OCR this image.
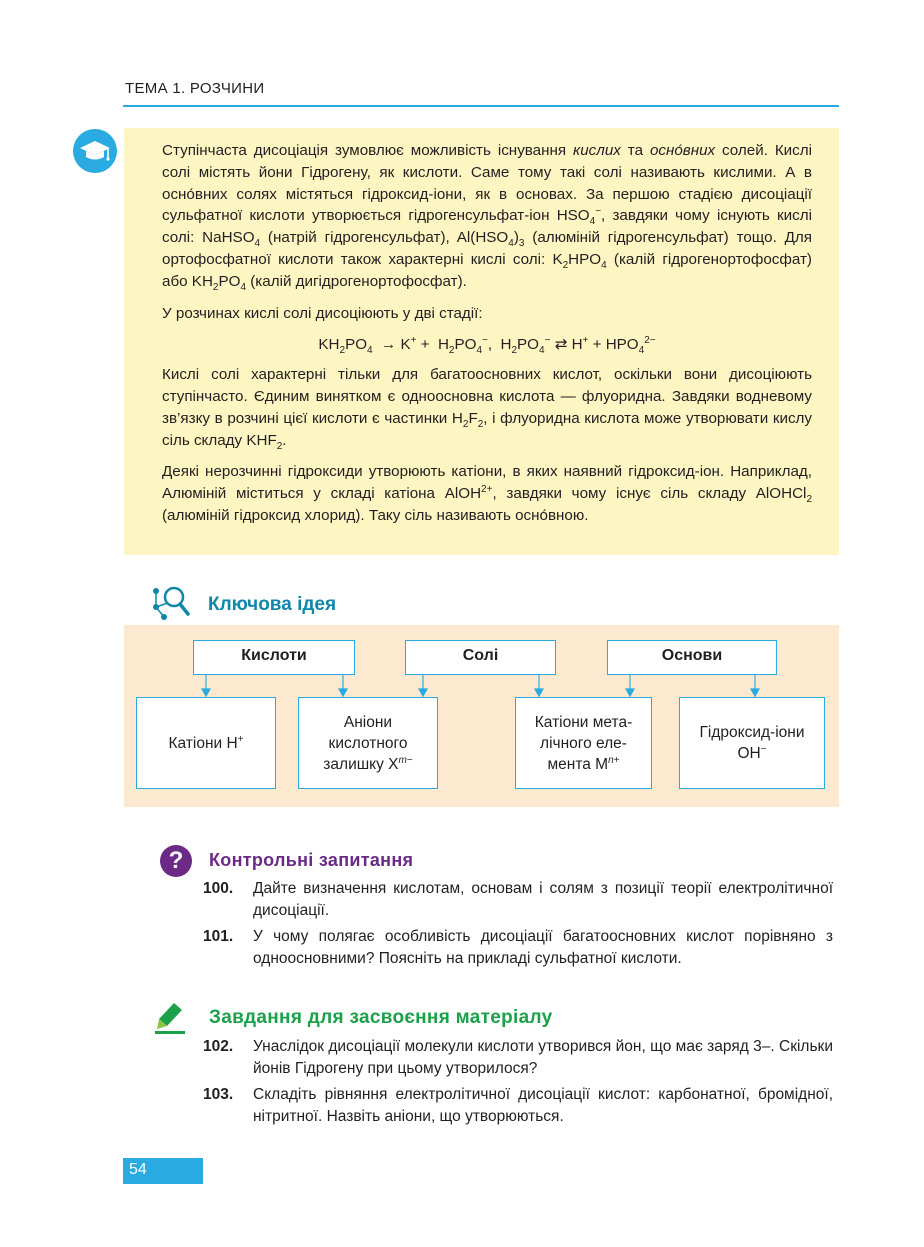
ТЕМА 1. РОЗЧИНИ

Ступінчаста дисоціація зумовлює можливість існування кислих та осно́вних солей. Кислі солі містять йони Гідрогену, як кислоти. Саме тому такі солі називають кислими. А в осно́вних солях містяться гідроксид-іони, як в основах. За першою стадією дисоціації сульфатної кислоти утворюється гідрогенсульфат-іон $HSO_4^-$, завдяки чому існують кислі солі: NaHSO$_4$ (натрій гідрогенсульфат), $Al(HSO_4)_3$ (алюміній гідрогенсульфат) тощо. Для ортофосфатної кислоти також характерні кислі солі: $K_2HPO_4$ (калій гідрогенортофосфат) або $KH_2PO_4$ (калій дигідрогенортофосфат).

У розчинах кислі солі дисоціюють у дві стадії:

$KH_2PO_4 \to K^+ + H_2PO_4^-$,  $H_2PO_4^-$ ⇄ $H^+ + HPO_4^{2-}$

Кислі солі характерні тільки для багатоосновних кислот, оскільки вони дисоціюють ступінчасто. Єдиним винятком є одноосновна кислота — флуоридна. Завдяки водневому зв’язку в розчині цієї кислоти є частинки $H_2F_2$, і флуоридна кислота може утворювати кислу сіль складу $KHF_2$.

Деякі нерозчинні гідроксиди утворюють катіони, в яких наявний гідроксид-іон. Наприклад, Алюміній міститься у складі катіона AlOH$^{2+}$, завдяки чому існує сіль складу AlOHCl$_2$ (алюміній гідроксид хлорид). Таку сіль називають осно́вною.

Ключова ідея
Кислоти	Солі	Основи
Катіони H+
Аніони
кислотного
залишку $X^{m-}$
Катіони мета-
лічного еле-
мента $M^{n+}$
Гідроксид-іони
OH−
?	Контрольні запитання
100. Дайте визначення кислотам, основам і солям з позиції теорії електролітичної дисоціації.
101. У чому полягає особливість дисоціації багатоосновних кислот порівняно з одноосновними? Поясніть на прикладі сульфатної кислоти.
Завдання для засвоєння матеріалу
102. Унаслідок дисоціації молекули кислоти утворився йон, що має заряд 3–. Скільки йонів Гідрогену при цьому утворилося?
103. Складіть рівняння електролітичної дисоціації кислот: карбонатної, бромідної, нітритної. Назвіть аніони, що утворюються.
54
